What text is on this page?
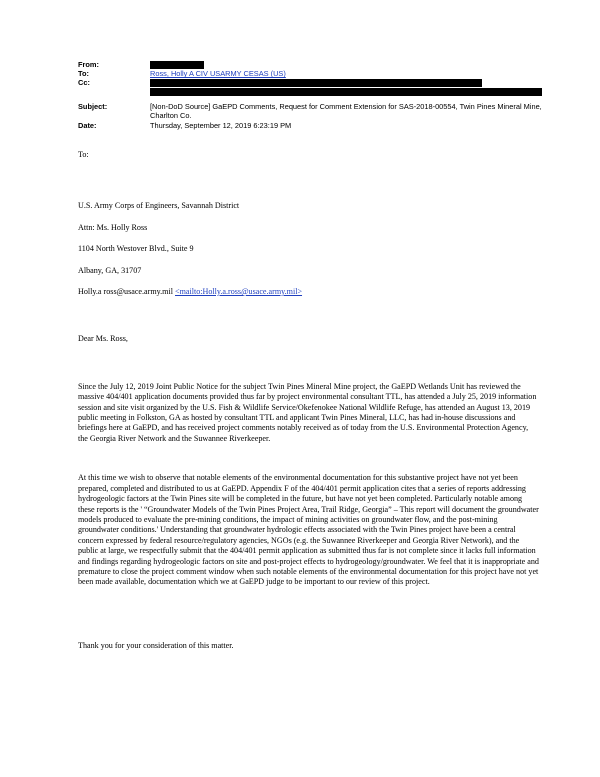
From:
To:	Ross, Holly A CIV USARMY CESAS (US)
Cc:
Subject:	[Non-DoD Source] GaEPD Comments, Request for Comment Extension for SAS-2018-00554, Twin Pines Mineral Mine, Charlton Co.
Date:	Thursday, September 12, 2019 6:23:19 PM

To:

U.S. Army Corps of Engineers, Savannah District

Attn: Ms. Holly Ross

1104 North Westover Blvd., Suite 9

Albany, GA, 31707

Holly.a ross@usace.army.mil <mailto:Holly.a.ross@usace.army.mil>

Dear Ms. Ross,

Since the July 12, 2019 Joint Public Notice for the subject Twin Pines Mineral Mine project, the GaEPD Wetlands Unit has reviewed the massive 404/401 application documents provided thus far by project environmental consultant TTL, has attended a July 25, 2019 information session and site visit organized by the U.S. Fish & Wildlife Service/Okefenokee National Wildlife Refuge, has attended an August 13, 2019 public meeting in Folkston, GA as hosted by consultant TTL and applicant Twin Pines Mineral, LLC, has had in-house discussions and briefings here at GaEPD, and has received project comments notably received as of today from the U.S. Environmental Protection Agency, the Georgia River Network and the Suwannee Riverkeeper.

At this time we wish to observe that notable elements of the environmental documentation for this substantive project have not yet been prepared, completed and distributed to us at GaEPD. Appendix F of the 404/401 permit application cites that a series of reports addressing hydrogeologic factors at the Twin Pines site will be completed in the future, but have not yet been completed. Particularly notable among these reports is the ' “Groundwater Models of the Twin Pines Project Area, Trail Ridge, Georgia” – This report will document the groundwater models produced to evaluate the pre-mining conditions, the impact of mining activities on groundwater flow, and the post-mining groundwater conditions.' Understanding that groundwater hydrologic effects associated with the Twin Pines project have been a central concern expressed by federal resource/regulatory agencies, NGOs (e.g. the Suwannee Riverkeeper and Georgia River Network), and the public at large, we respectfully submit that the 404/401 permit application as submitted thus far is not complete since it lacks full information and findings regarding hydrogeologic factors on site and post-project effects to hydrogeology/groundwater. We feel that it is inappropriate and premature to close the project comment window when such notable elements of the environmental documentation for this project have not yet been made available, documentation which we at GaEPD judge to be important to our review of this project.

Thank you for your consideration of this matter.
